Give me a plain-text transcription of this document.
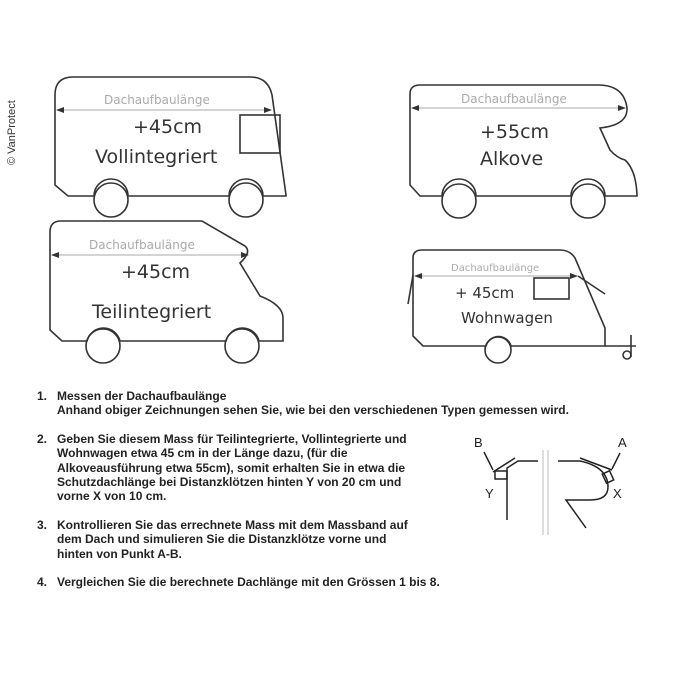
© VanProtect
Dachaufbaulänge
+45cm
Vollintegriert
Dachaufbaulänge
+55cm
Alkove
Dachaufbaulänge
+45cm
Teilintegriert
Dachaufbaulänge
+ 45cm
Wohnwagen
1. Messen der Dachaufbaulänge
Anhand obiger Zeichnungen sehen Sie, wie bei den verschiedenen Typen gemessen wird.
2. Geben Sie diesem Mass für Teilintegrierte, Vollintegrierte und Wohnwagen etwa 45 cm in der Länge dazu, (für die Alkoveausführung etwa 55cm), somit erhalten Sie in etwa die Schutzdachlänge bei Distanzklötzen hinten Y von 20 cm und vorne X von 10 cm.
3. Kontrollieren Sie das errechnete Mass mit dem Massband auf dem Dach und simulieren Sie die Distanzklötze vorne und hinten von Punkt A-B.
4. Vergleichen Sie die berechnete Dachlänge mit den Grössen 1 bis 8.
B
Y
A
X
